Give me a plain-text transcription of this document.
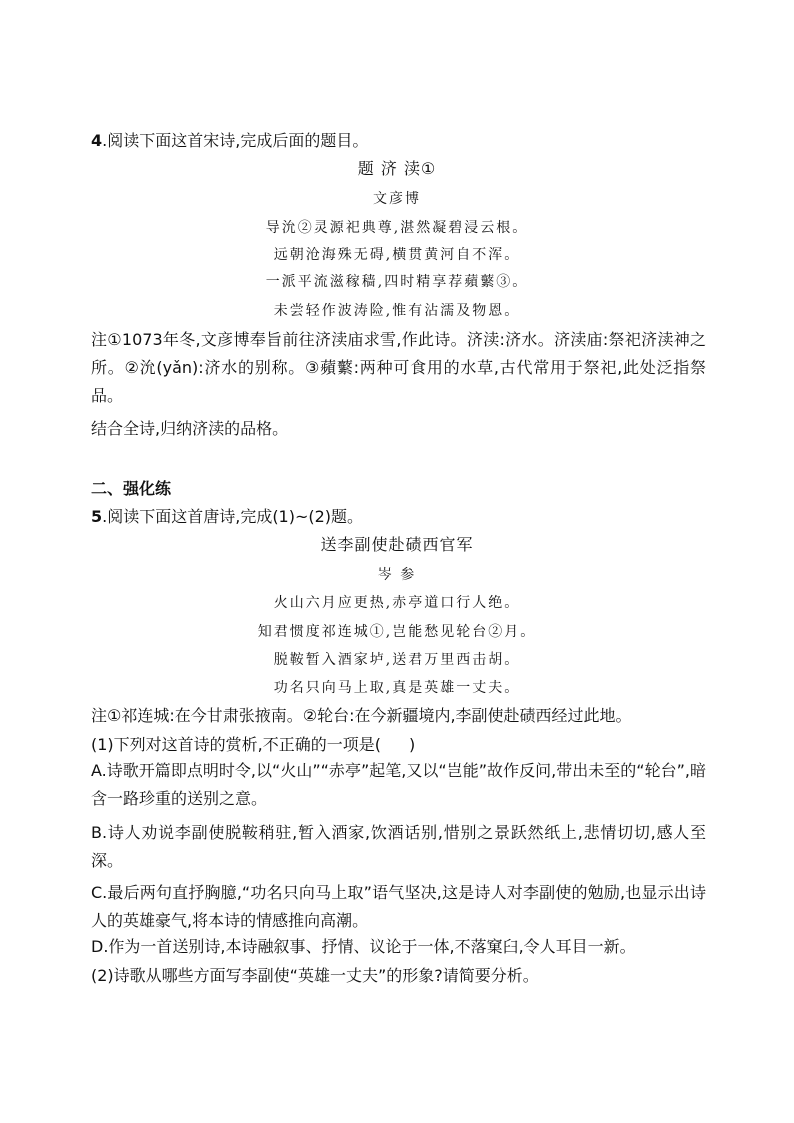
4.阅读下面这首宋诗,完成后面的题目。
题 济 渎①
文彦博
导沇②灵源祀典尊,湛然凝碧浸云根。
远朝沧海殊无碍,横贯黄河自不浑。
一派平流滋稼穑,四时精享荐蘋蘩③。
未尝轻作波涛险,惟有沾濡及物恩。
注①1073年冬,文彦博奉旨前往济渎庙求雪,作此诗。济渎:济水。济渎庙:祭祀济渎神之所。②沇(yǎn):济水的别称。③蘋蘩:两种可食用的水草,古代常用于祭祀,此处泛指祭品。
结合全诗,归纳济渎的品格。
二、强化练
5.阅读下面这首唐诗,完成(1)~(2)题。
送李副使赴碛西官军
岑 参
火山六月应更热,赤亭道口行人绝。
知君惯度祁连城①,岂能愁见轮台②月。
脱鞍暂入酒家垆,送君万里西击胡。
功名只向马上取,真是英雄一丈夫。
注①祁连城:在今甘肃张掖南。②轮台:在今新疆境内,李副使赴碛西经过此地。
(1)下列对这首诗的赏析,不正确的一项是( )
A.诗歌开篇即点明时令,以“火山”“赤亭”起笔,又以“岂能”故作反问,带出未至的“轮台”,暗含一路珍重的送别之意。
B.诗人劝说李副使脱鞍稍驻,暂入酒家,饮酒话别,惜别之景跃然纸上,悲情切切,感人至深。
C.最后两句直抒胸臆,“功名只向马上取”语气坚决,这是诗人对李副使的勉励,也显示出诗人的英雄豪气,将本诗的情感推向高潮。
D.作为一首送别诗,本诗融叙事、抒情、议论于一体,不落窠臼,令人耳目一新。
(2)诗歌从哪些方面写李副使“英雄一丈夫”的形象?请简要分析。
